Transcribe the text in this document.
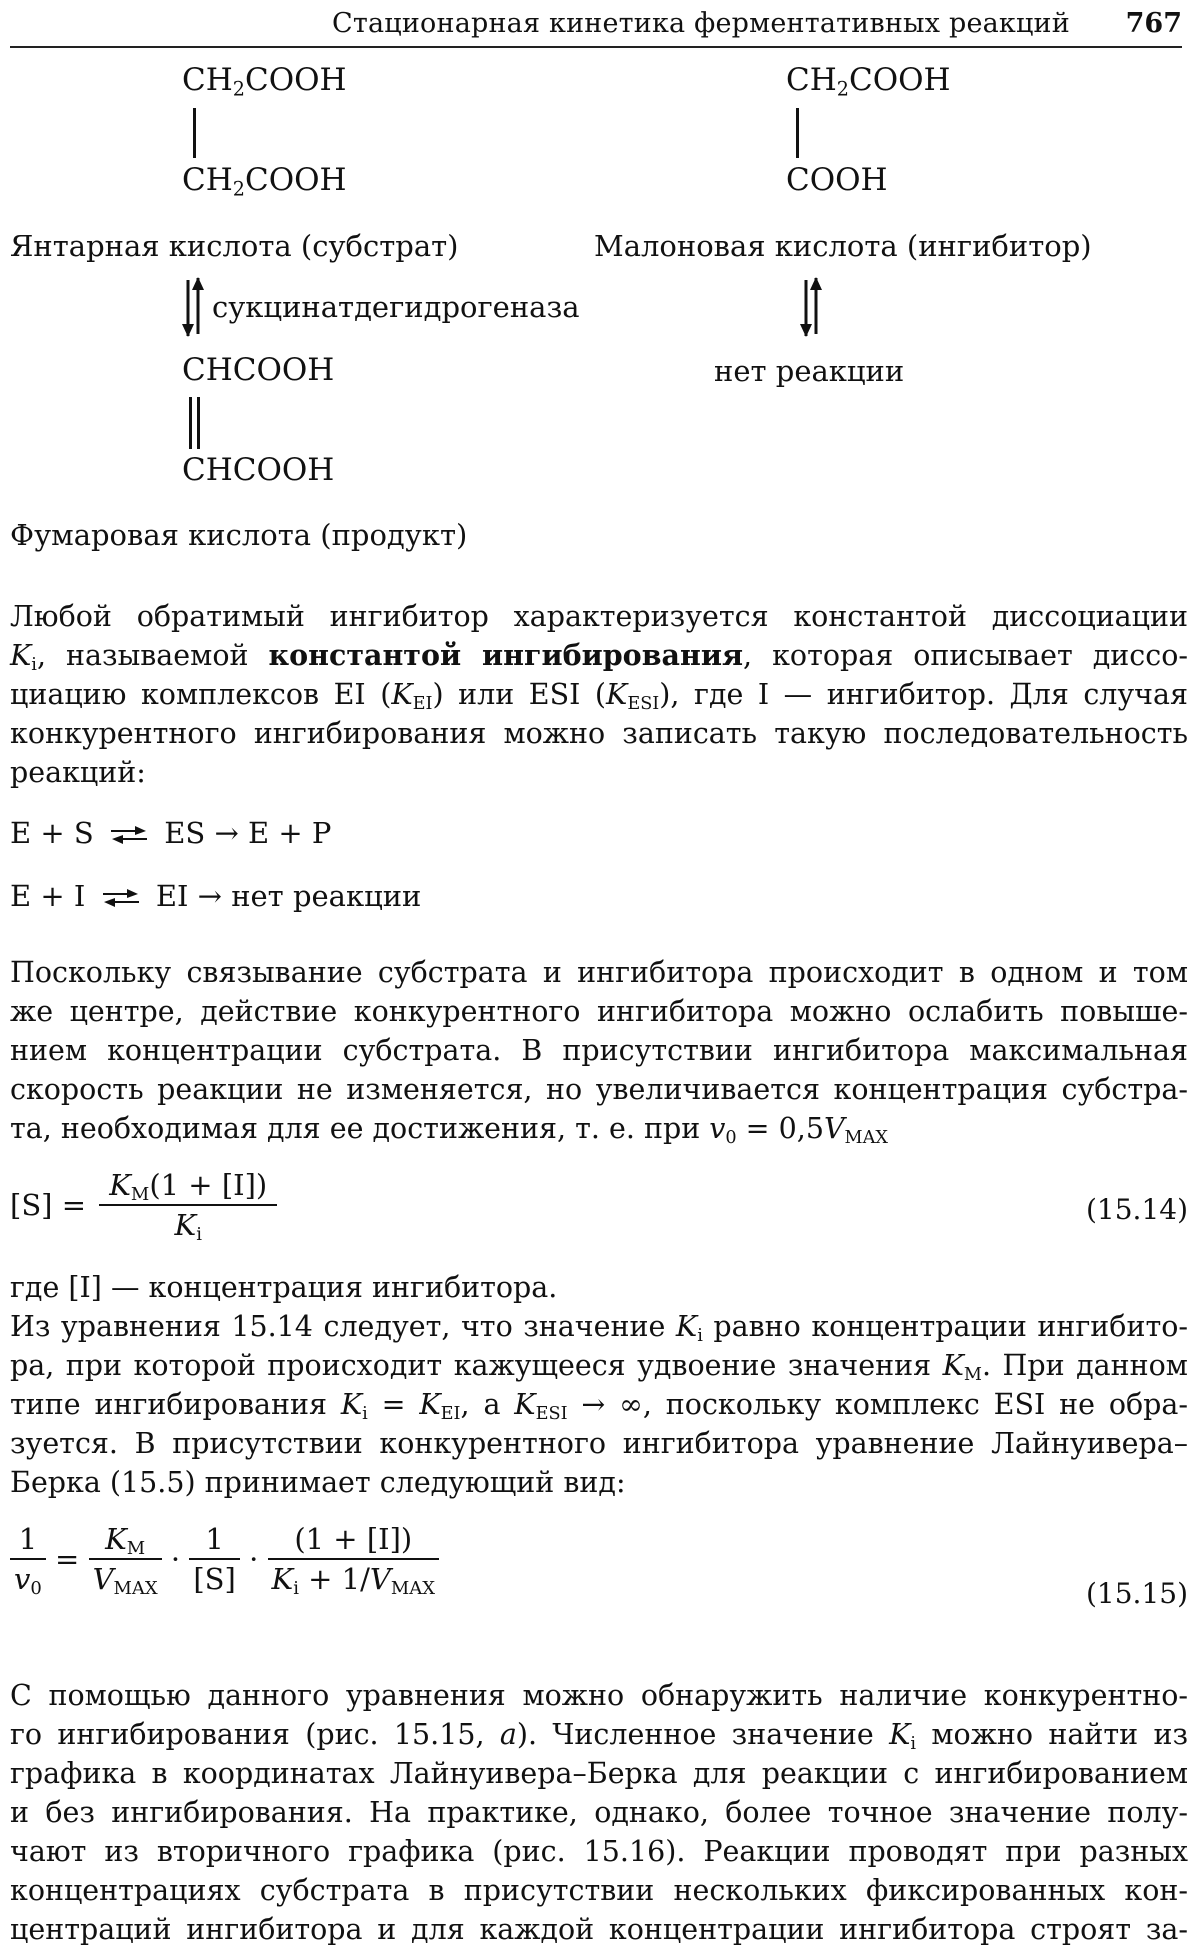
Стационарная кинетика ферментативных реакций 767
$CH_2COOH$
$CH_2COOH$
Янтарная кислота (субстрат)
$CH_2COOH$
COOH
Малоновая кислота (ингибитор)
сукцинатдегидрогеназа
CHCOOH	нет реакции
CHCOOH
Фумаровая кислота (продукт)

Любой обратимый ингибитор характеризуется константой диссоциации

$K_i$, называемой константой ингибирования, которая описывает диссо-

циацию комплексов EI $(K_{EI})$ или ESI $(K_{ESI})$, где I — ингибитор. Для случая

конкурентного ингибирования можно записать такую последовательность

реакций:

E + S ⇌ ES → E + P
E + I ⇌ EI → нет реакции

Поскольку связывание субстрата и ингибитора происходит в одном и том

же центре, действие конкурентного ингибитора можно ослабить повыше-

нием концентрации субстрата. В присутствии ингибитора максимальная

скорость реакции не изменяется, но увеличивается концентрация субстра-

та, необходимая для ее достижения, т. е. при $v_0 = 0,5V_{MAX}$

$[S] = \frac{K_M(1 + [I])}{K_i}$	(15.14)

где [I] — концентрация ингибитора.

Из уравнения 15.14 следует, что значение $K_i$ равно концентрации ингибито-

ра, при которой происходит кажущееся удвоение значения $K_M$. При данном

типе ингибирования $K_i = K_{EI}$, а $K_{ESI}$ → ∞, поскольку комплекс ESI не обра-

зуется. В присутствии конкурентного ингибитора уравнение Лайнуивера–

Берка (15.5) принимает следующий вид:

$\frac{1}{v_0} = \frac{K_M}{V_{MAX}} \cdot \frac{1}{[S]} \cdot \frac{(1 + [I])}{K_i + 1/V_{MAX}}$	(15.15)

С помощью данного уравнения можно обнаружить наличие конкурентно-

го ингибирования (рис. 15.15, а). Численное значение $K_i$ можно найти из

графика в координатах Лайнуивера–Берка для реакции с ингибированием

и без ингибирования. На практике, однако, более точное значение полу-

чают из вторичного графика (рис. 15.16). Реакции проводят при разных

концентрациях субстрата в присутствии нескольких фиксированных кон-

центраций ингибитора и для каждой концентрации ингибитора строят за-
